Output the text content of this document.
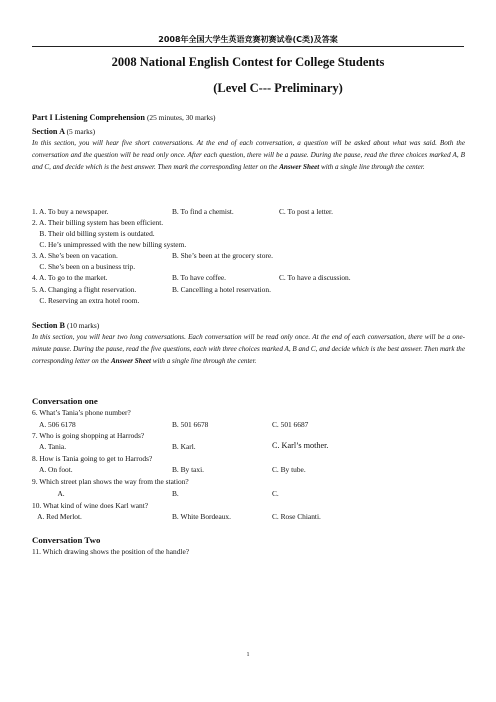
2008年全国大学生英语竞赛初赛试卷(C类)及答案
2008 National English Contest for College Students
(Level C--- Preliminary)
Part I Listening Comprehension (25 minutes, 30 marks)
Section A (5 marks)
In this section, you will hear five short conversations. At the end of each conversation, a question will be asked about what was said. Both the conversation and the question will be read only once. After each question, there will be a pause. During the pause, read the three choices marked A, B and C, and decide which is the best answer. Then mark the corresponding letter on the Answer Sheet with a single line through the center.
1. A. To buy a newspaper.	B. To find a chemist.	C. To post a letter.
2. A. Their billing system has been efficient.
B. Their old billing system is outdated.
C. He’s unimpressed with the new billing system.
3. A. She’s been on vacation.	B. She’s been at the grocery store.
C. She’s been on a business trip.
4. A. To go to the market.	B. To have coffee.	C. To have a discussion.
5. A. Changing a flight reservation.	B. Cancelling a hotel reservation.
C. Reserving an extra hotel room.
Section B (10 marks)
In this section, you will hear two long conversations. Each conversation will be read only once. At the end of each conversation, there will be a one-minute pause. During the pause, read the five questions, each with three choices marked A, B and C, and decide which is the best answer. Then mark the corresponding letter on the Answer Sheet with a single line through the center.
Conversation one
6. What’s Tania’s phone number?
A. 506 6178	B. 501 6678	C. 501 6687
7. Who is going shopping at Harrods?
A. Tania.	B. Karl.	C. Karl’s mother.
8. How is Tania going to get to Harrods?
A. On foot.	B. By taxi.	C. By tube.
9. Which street plan shows the way from the station?
A.	B.	C.
10. What kind of wine does Karl want?
A. Red Merlot.	B. White Bordeaux.	C. Rose Chianti.
Conversation Two
11. Which drawing shows the position of the handle?
1
